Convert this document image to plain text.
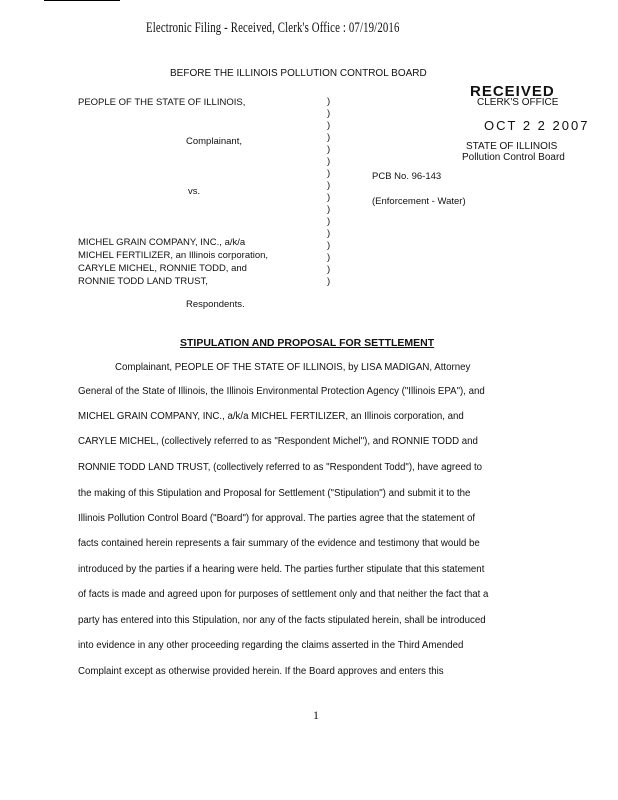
Electronic Filing - Received, Clerk's Office : 07/19/2016
BEFORE THE ILLINOIS POLLUTION CONTROL BOARD
RECEIVED
CLERK'S OFFICE
OCT 2 2 2007
STATE OF ILLINOIS
Pollution Control Board
PEOPLE OF THE STATE OF ILLINOIS,
Complainant,
vs.
MICHEL GRAIN COMPANY, INC., a/k/a
MICHEL FERTILIZER, an Illinois corporation,
CARYLE MICHEL, RONNIE TODD, and
RONNIE TODD LAND TRUST,
Respondents.
PCB No. 96-143
(Enforcement - Water)
)
)
)
)
)
)
)
)
)
)
)
)
)
)
)
)
STIPULATION AND PROPOSAL FOR SETTLEMENT
Complainant, PEOPLE OF THE STATE OF ILLINOIS, by LISA MADIGAN, Attorney
General of the State of Illinois, the Illinois Environmental Protection Agency ("Illinois EPA"), and
MICHEL GRAIN COMPANY, INC., a/k/a MICHEL FERTILIZER, an Illinois corporation, and
CARYLE MICHEL, (collectively referred to as "Respondent Michel"), and RONNIE TODD and
RONNIE TODD LAND TRUST, (collectively referred to as "Respondent Todd"), have agreed to
the making of this Stipulation and Proposal for Settlement ("Stipulation") and submit it to the
Illinois Pollution Control Board ("Board") for approval. The parties agree that the statement of
facts contained herein represents a fair summary of the evidence and testimony that would be
introduced by the parties if a hearing were held. The parties further stipulate that this statement
of facts is made and agreed upon for purposes of settlement only and that neither the fact that a
party has entered into this Stipulation, nor any of the facts stipulated herein, shall be introduced
into evidence in any other proceeding regarding the claims asserted in the Third Amended
Complaint except as otherwise provided herein. If the Board approves and enters this
1
